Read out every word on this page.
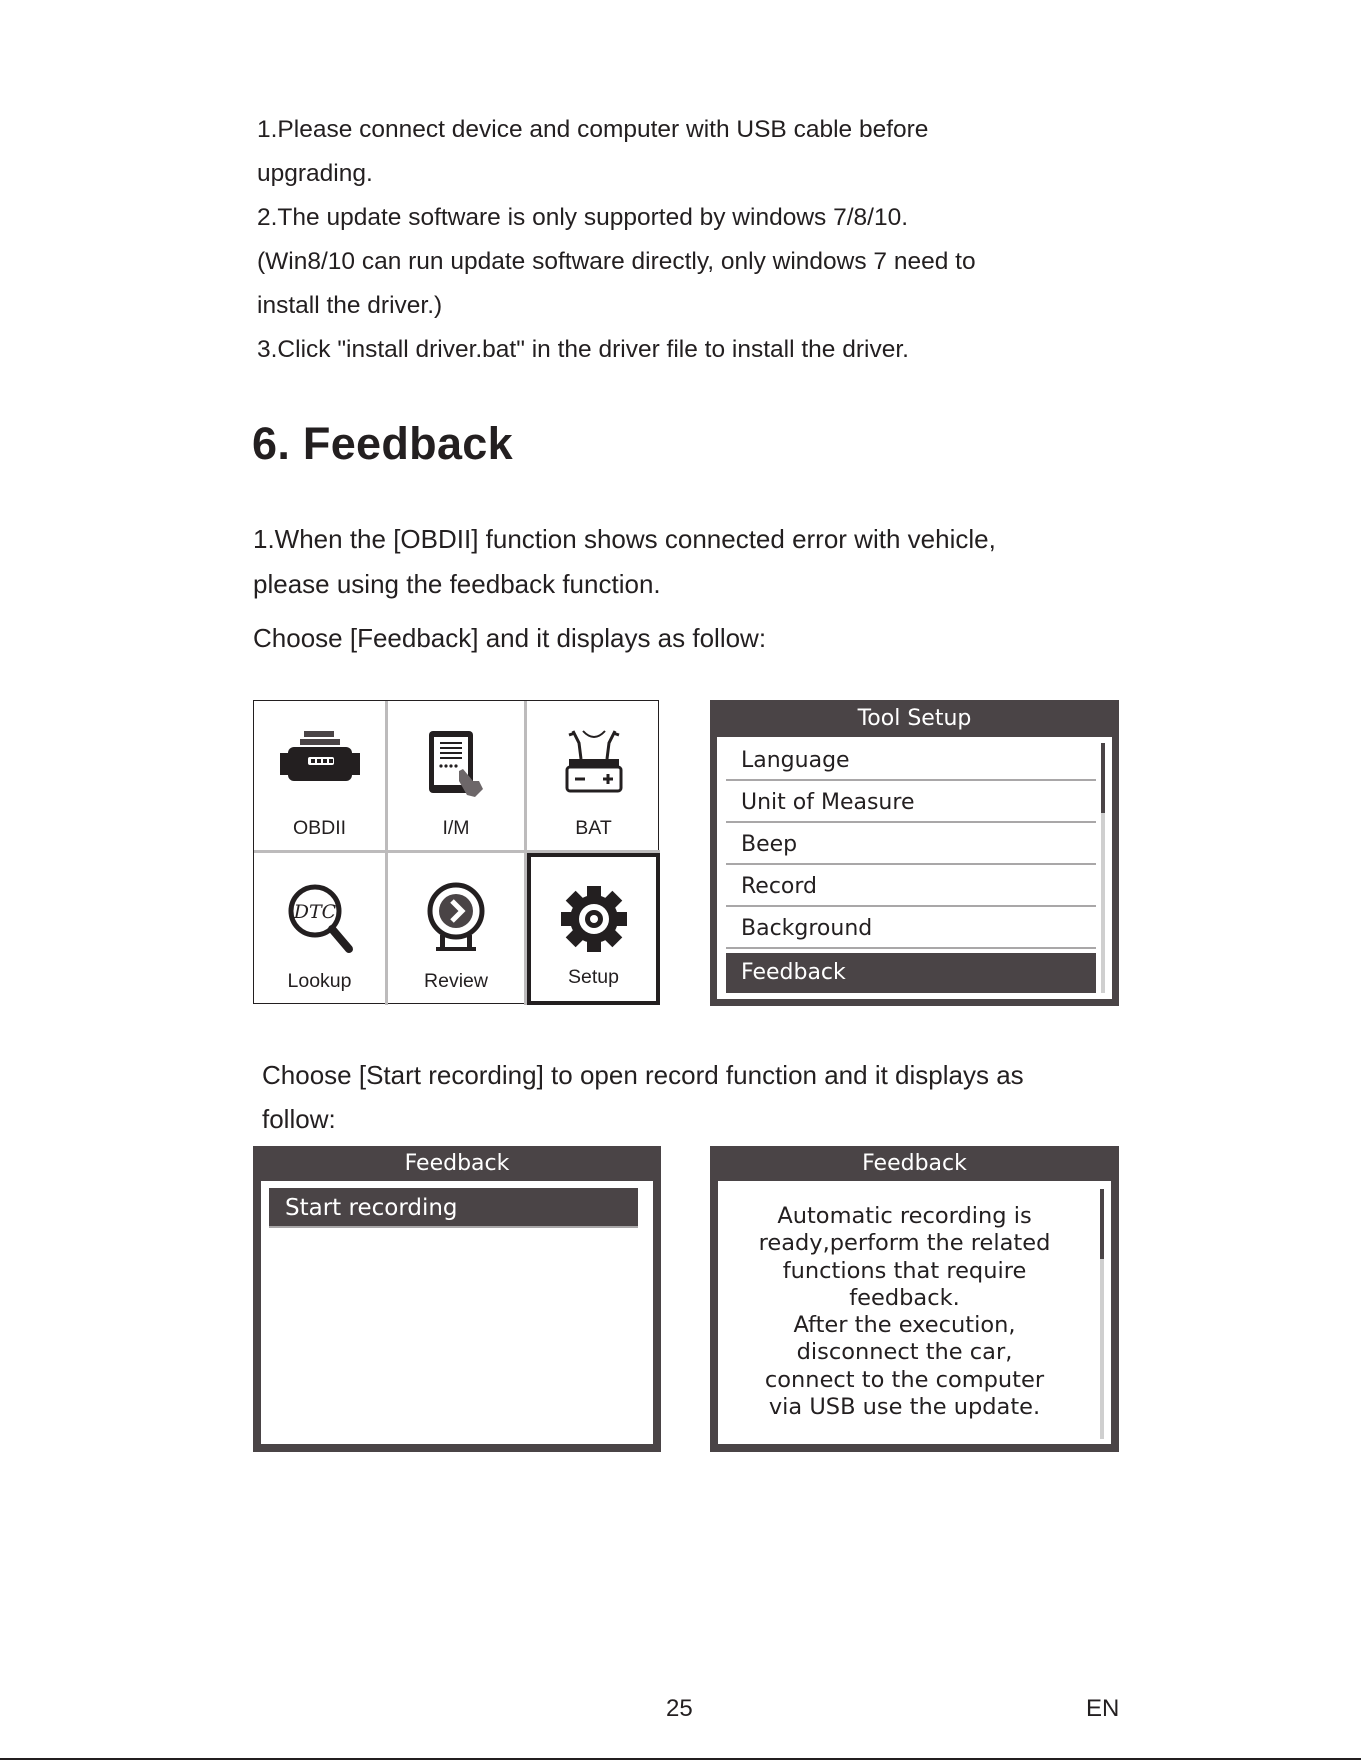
1.Please connect device and computer with USB cable before

upgrading.

2.The update software is only supported by windows 7/8/10.

(Win8/10 can run update software directly, only windows 7 need to

install the driver.)

3.Click "install driver.bat" in the driver file to install the driver.

6. Feedback

1.When the [OBDII] function shows connected error with vehicle,

please using the feedback function.

Choose [Feedback] and it displays as follow:

OBDII	I/M	BAT
DTC
Lookup	Review	Setup
Tool Setup
Language
Unit of Measure
Beep
Record
Background
Feedback

Choose [Start recording] to open record function and it displays as

follow:

Feedback
Start recording
Feedback
Automatic recording is
ready,perform the related
functions that require
feedback.
After the execution,
disconnect the car,
connect to the computer
via USB use the update.
25	EN
